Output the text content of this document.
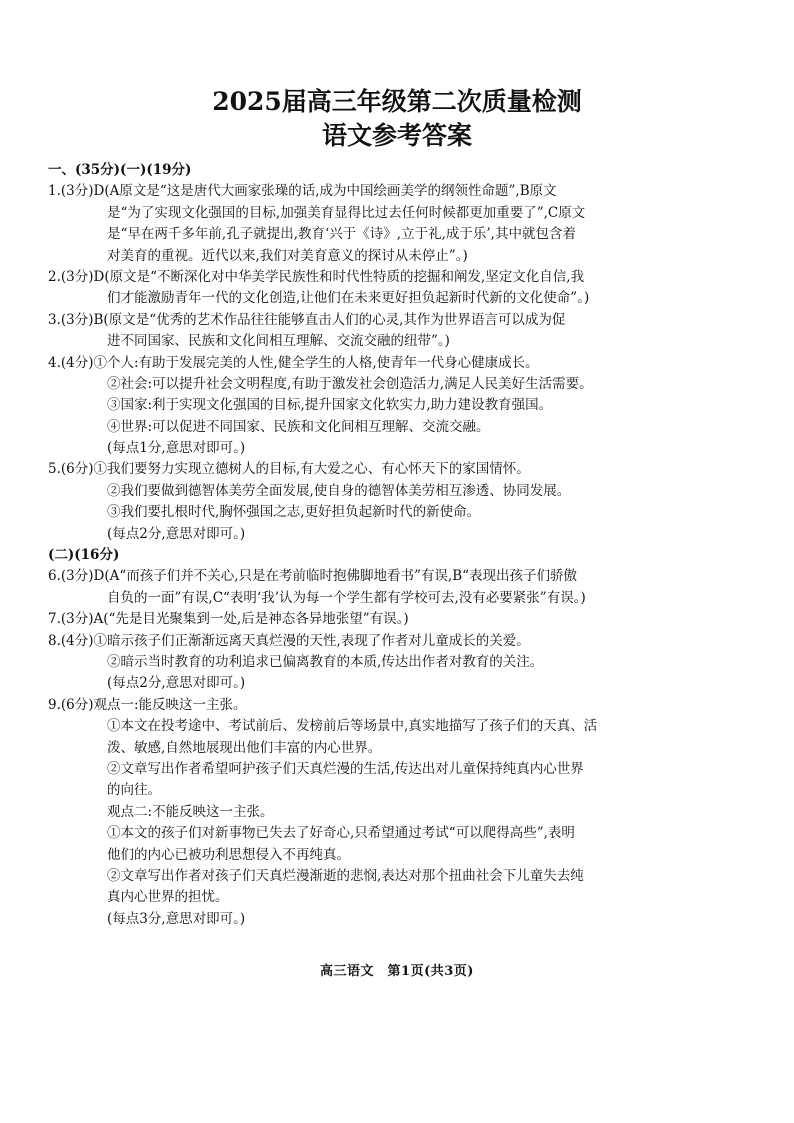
2025届高三年级第二次质量检测
语文参考答案
一、(35分)(一)(19分)
1.(3分)D(A原文是“这是唐代大画家张璪的话,成为中国绘画美学的纲领性命题”,B原文
是“为了实现文化强国的目标,加强美育显得比过去任何时候都更加重要了”,C原文
是“早在两千多年前,孔子就提出,教育‘兴于《诗》,立于礼,成于乐’,其中就包含着
对美育的重视。近代以来,我们对美育意义的探讨从未停止”。)
2.(3分)D(原文是“不断深化对中华美学民族性和时代性特质的挖掘和阐发,坚定文化自信,我
们才能激励青年一代的文化创造,让他们在未来更好担负起新时代新的文化使命”。)
3.(3分)B(原文是“优秀的艺术作品往往能够直击人们的心灵,其作为世界语言可以成为促
进不同国家、民族和文化间相互理解、交流交融的纽带”。)
4.(4分)①个人:有助于发展完美的人性,健全学生的人格,使青年一代身心健康成长。
②社会:可以提升社会文明程度,有助于激发社会创造活力,满足人民美好生活需要。
③国家:利于实现文化强国的目标,提升国家文化软实力,助力建设教育强国。
④世界:可以促进不同国家、民族和文化间相互理解、交流交融。
(每点1分,意思对即可。)
5.(6分)①我们要努力实现立德树人的目标,有大爱之心、有心怀天下的家国情怀。
②我们要做到德智体美劳全面发展,使自身的德智体美劳相互渗透、协同发展。
③我们要扎根时代,胸怀强国之志,更好担负起新时代的新使命。
(每点2分,意思对即可。)
(二)(16分)
6.(3分)D(A“而孩子们并不关心,只是在考前临时抱佛脚地看书”有误,B“表现出孩子们骄傲
自负的一面”有误,C“表明‘我’认为每一个学生都有学校可去,没有必要紧张”有误。)
7.(3分)A(“先是目光聚集到一处,后是神态各异地张望”有误。)
8.(4分)①暗示孩子们正渐渐远离天真烂漫的天性,表现了作者对儿童成长的关爱。
②暗示当时教育的功利追求已偏离教育的本质,传达出作者对教育的关注。
(每点2分,意思对即可。)
9.(6分)观点一:能反映这一主张。
①本文在投考途中、考试前后、发榜前后等场景中,真实地描写了孩子们的天真、活
泼、敏感,自然地展现出他们丰富的内心世界。
②文章写出作者希望呵护孩子们天真烂漫的生活,传达出对儿童保持纯真内心世界
的向往。
观点二:不能反映这一主张。
①本文的孩子们对新事物已失去了好奇心,只希望通过考试“可以爬得高些”,表明
他们的内心已被功利思想侵入不再纯真。
②文章写出作者对孩子们天真烂漫渐逝的悲悯,表达对那个扭曲社会下儿童失去纯
真内心世界的担忧。
(每点3分,意思对即可。)
高三语文　第1页(共3页)
